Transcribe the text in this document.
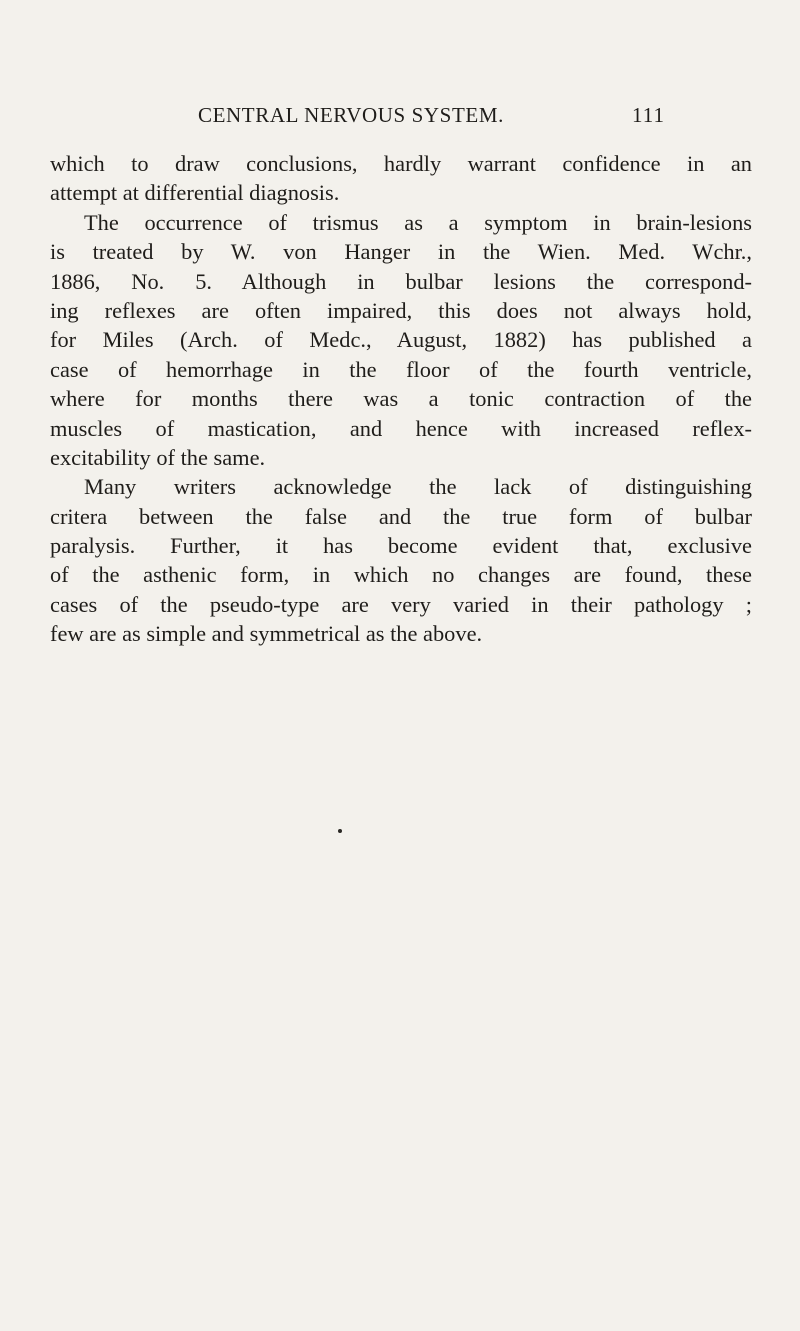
CENTRAL NERVOUS SYSTEM.	111
which to draw conclusions, hardly warrant confidence in an
attempt at differential diagnosis.
The occurrence of trismus as a symptom in brain-lesions
is treated by W. von Hanger in the Wien. Med. Wchr.,
1886, No. 5. Although in bulbar lesions the correspond-
ing reflexes are often impaired, this does not always hold,
for Miles (Arch. of Medc., August, 1882) has published a
case of hemorrhage in the floor of the fourth ventricle,
where for months there was a tonic contraction of the
muscles of mastication, and hence with increased reflex-
excitability of the same.
Many writers acknowledge the lack of distinguishing
critera between the false and the true form of bulbar
paralysis. Further, it has become evident that, exclusive
of the asthenic form, in which no changes are found, these
cases of the pseudo-type are very varied in their pathology ;
few are as simple and symmetrical as the above.
